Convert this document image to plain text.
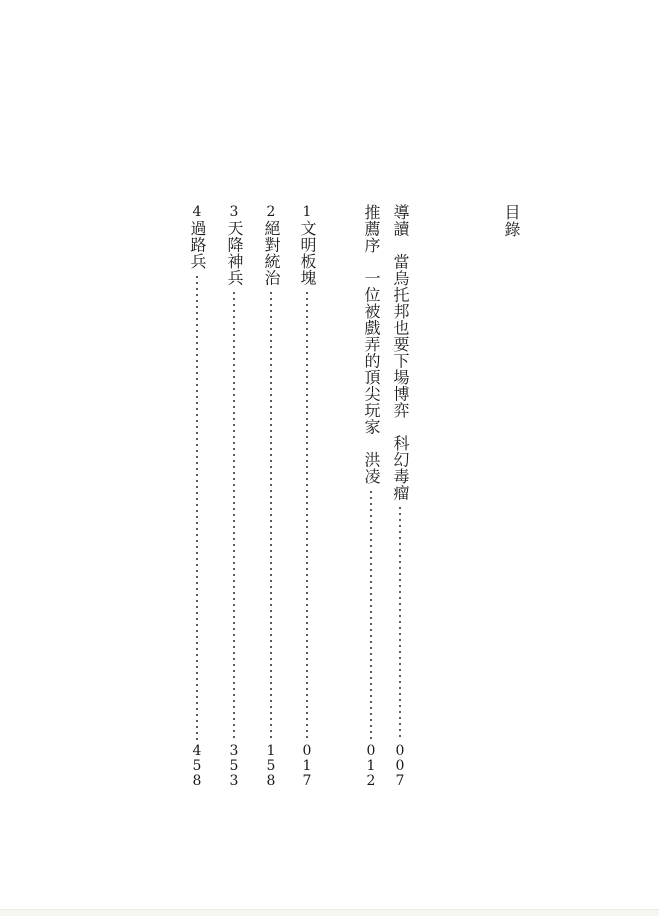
目錄
導讀　當烏托邦也要下場博弈　科幻毒瘤
0
0
7
推薦序　一位被戲弄的頂尖玩家　洪凌
0
1
2
1
文明板塊
0
1
7
2
絕對統治
1
5
8
3
天降神兵
3
5
3
4
過路兵
4
5
8
